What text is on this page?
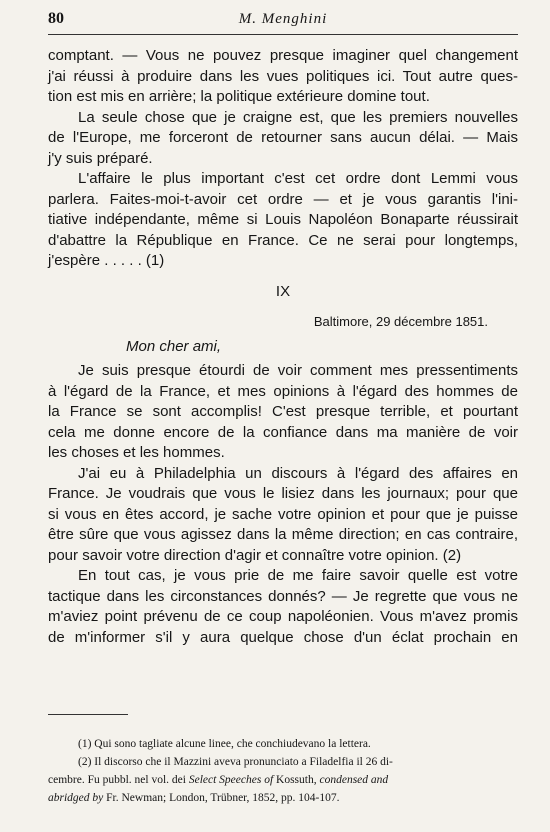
80	M. Menghini
comptant. — Vous ne pouvez presque imaginer quel changement
j'ai réussi à produire dans les vues politiques ici. Tout autre ques-
tion est mis en arrière; la politique extérieure domine tout.
La seule chose que je craigne est, que les premiers nouvelles
de l'Europe, me forceront de retourner sans aucun délai. — Mais
j'y suis préparé.
L'affaire le plus important c'est cet ordre dont Lemmi vous
parlera. Faites-moi-t-avoir cet ordre — et je vous garantis l'ini-
tiative indépendante, même si Louis Napoléon Bonaparte réussirait
d'abattre la République en France. Ce ne serai pour longtemps,
j'espère . . . . . (1)
IX
Baltimore, 29 décembre 1851.
Mon cher ami,
Je suis presque étourdi de voir comment mes pressentiments
à l'égard de la France, et mes opinions à l'égard des hommes de
la France se sont accomplis! C'est presque terrible, et pourtant
cela me donne encore de la confiance dans ma manière de voir
les choses et les hommes.
J'ai eu à Philadelphia un discours à l'égard des affaires en
France. Je voudrais que vous le lisiez dans les journaux; pour que
si vous en êtes accord, je sache votre opinion et pour que je puisse
être sûre que vous agissez dans la même direction; en cas contraire,
pour savoir votre direction d'agir et connaître votre opinion. (2)
En tout cas, je vous prie de me faire savoir quelle est votre
tactique dans les circonstances donnés? — Je regrette que vous ne
m'aviez point prévenu de ce coup napoléonien. Vous m'avez promis
de m'informer s'il y aura quelque chose d'un éclat prochain en
(1) Qui sono tagliate alcune linee, che conchiudevano la lettera.
(2) Il discorso che il Mazzini aveva pronunciato a Filadelfia il 26 di-
cembre. Fu pubbl. nel vol. dei Select Speeches of Kossuth, condensed and
abridged by Fr. Newman; London, Trübner, 1852, pp. 104-107.
